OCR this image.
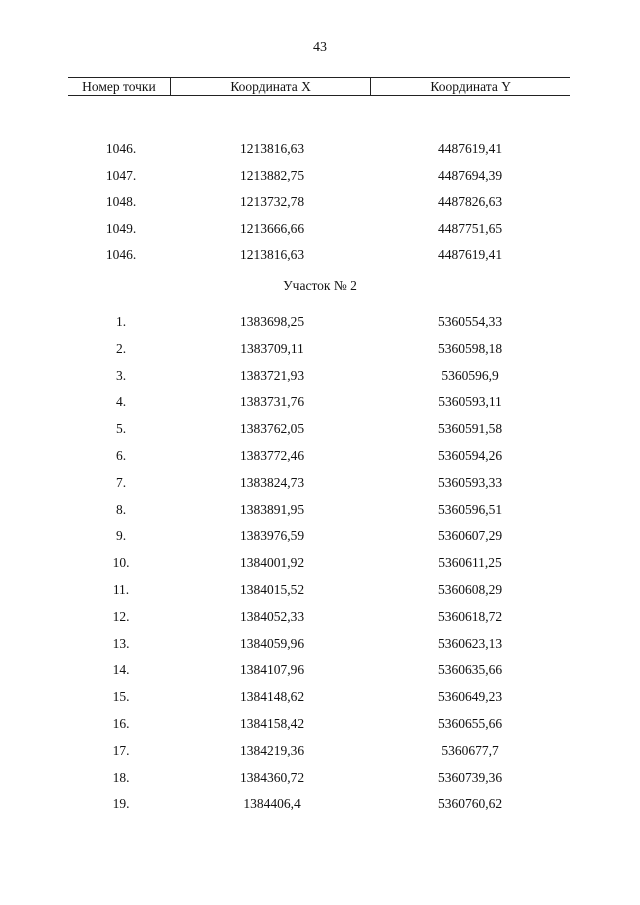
43
Номер точки	Координата X	Координата Y
1046.	1213816,63	4487619,41
1047.	1213882,75	4487694,39
1048.	1213732,78	4487826,63
1049.	1213666,66	4487751,65
1046.	1213816,63	4487619,41
Участок № 2
1.	1383698,25	5360554,33
2.	1383709,11	5360598,18
3.	1383721,93	5360596,9
4.	1383731,76	5360593,11
5.	1383762,05	5360591,58
6.	1383772,46	5360594,26
7.	1383824,73	5360593,33
8.	1383891,95	5360596,51
9.	1383976,59	5360607,29
10.	1384001,92	5360611,25
11.	1384015,52	5360608,29
12.	1384052,33	5360618,72
13.	1384059,96	5360623,13
14.	1384107,96	5360635,66
15.	1384148,62	5360649,23
16.	1384158,42	5360655,66
17.	1384219,36	5360677,7
18.	1384360,72	5360739,36
19.	1384406,4	5360760,62
